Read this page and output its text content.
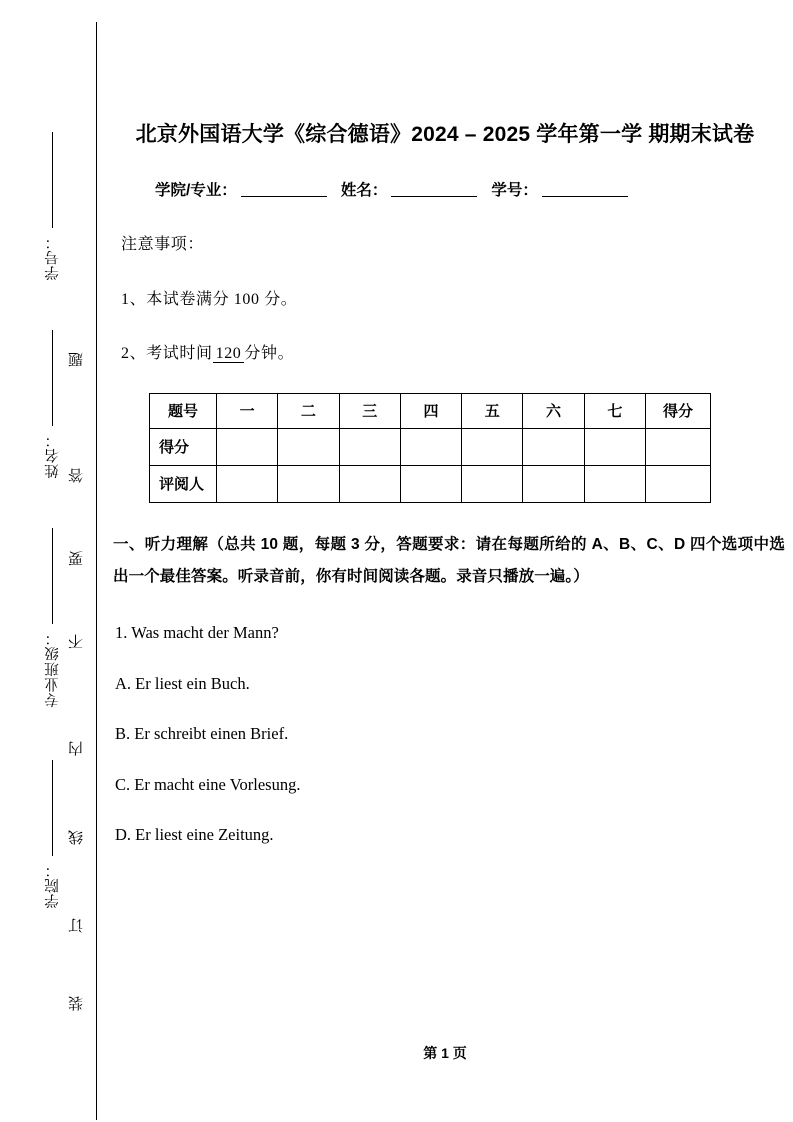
学号：
姓名：
专业班级：
学院：
题
答
要
不
内
线
订
装
北京外国语大学《综合德语》2024 – 2025 学年第一学 期期末试卷
学院/专业：	姓名：	学号：

注意事项：

1、本试卷满分 100 分。

2、考试时间 120 分钟。

题号	一	二	三	四	五	六	七	得分
得分								
评阅人								

一、听力理解（总共 10 题，每题 3 分，答题要求：请在每题所给的 A、B、C、D 四个选项中选出一个最佳答案。听录音前，你有时间阅读各题。录音只播放一遍。）

1. Was macht der Mann?

A. Er liest ein Buch.

B. Er schreibt einen Brief.

C. Er macht eine Vorlesung.

D. Er liest eine Zeitung.

第 1 页
